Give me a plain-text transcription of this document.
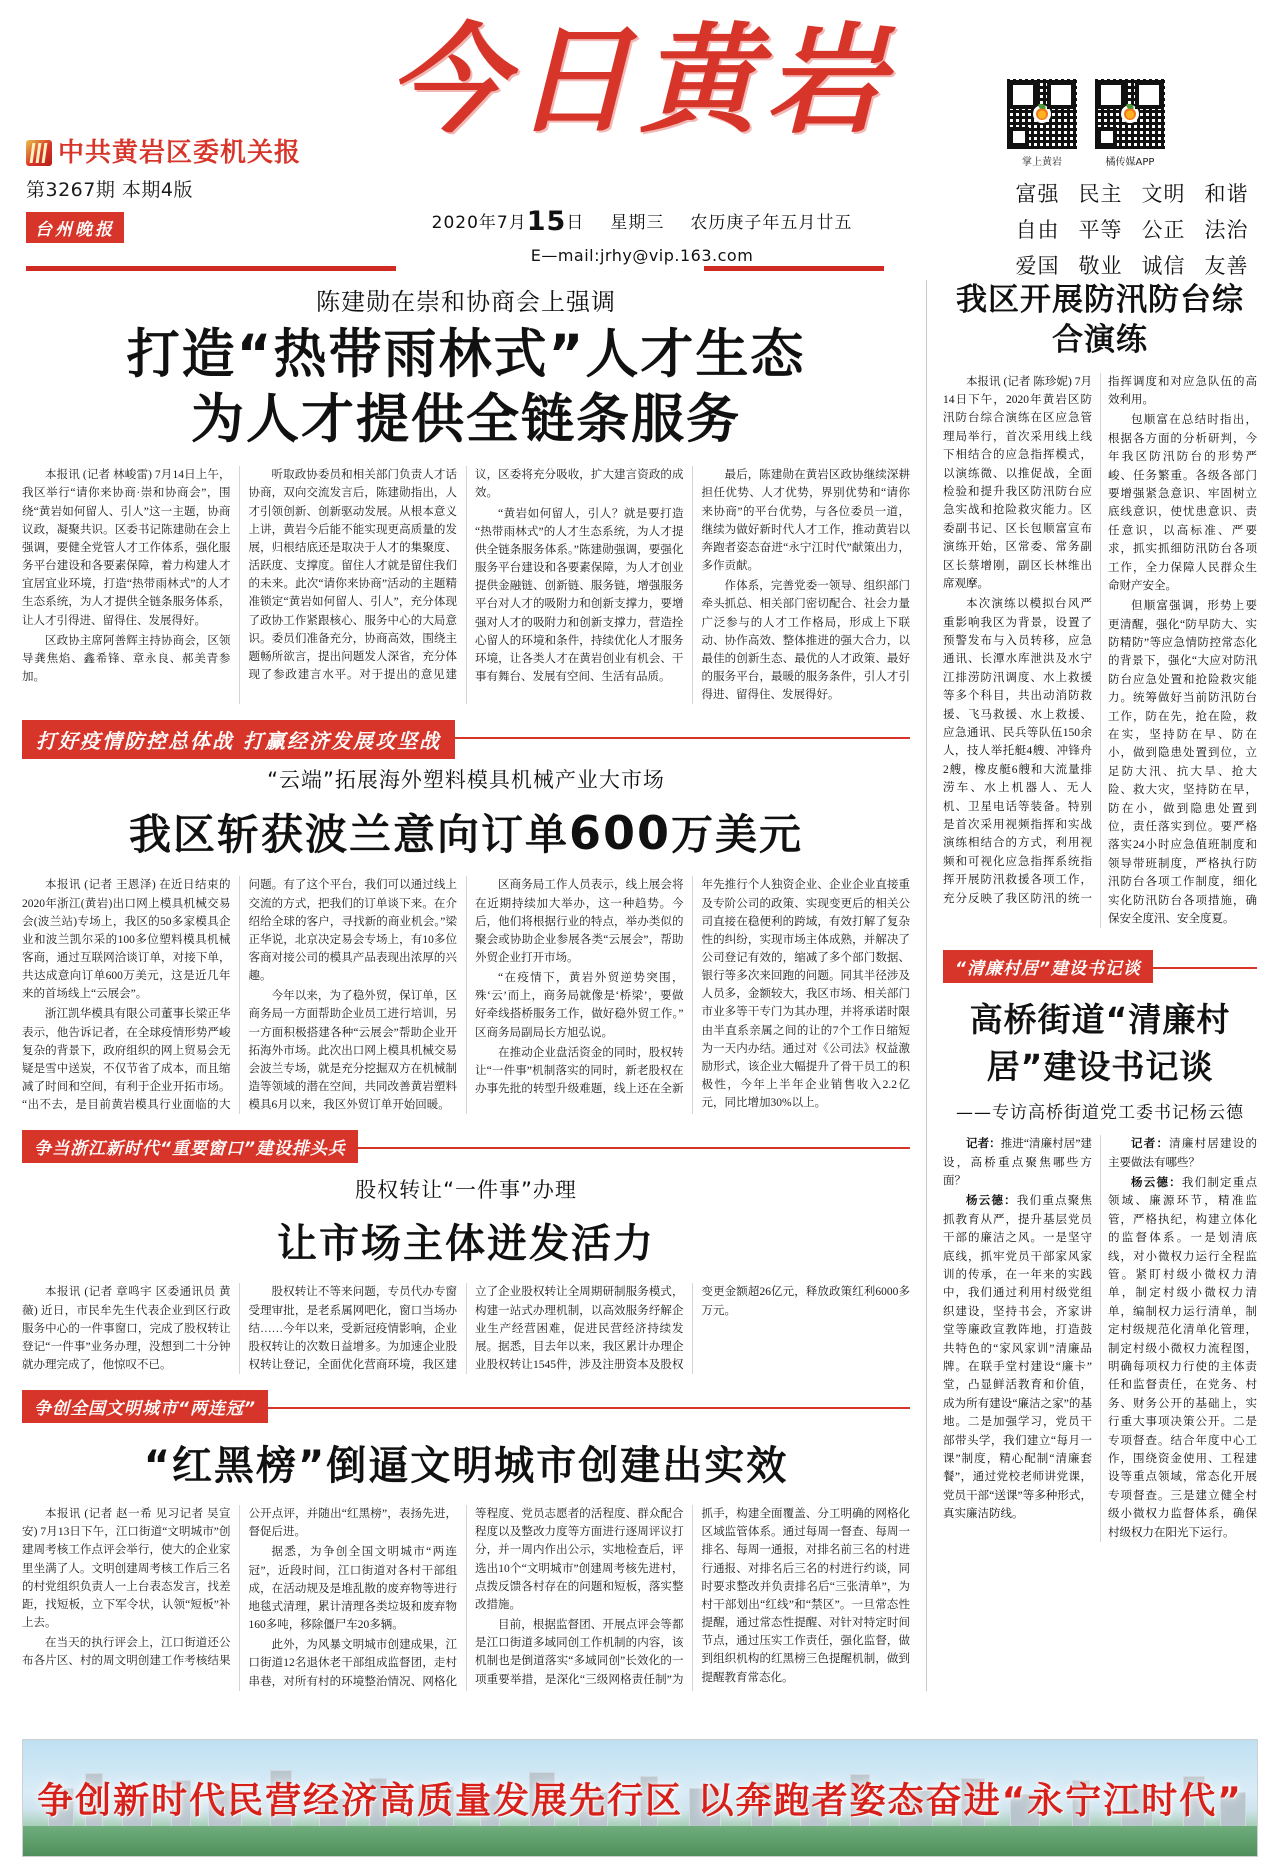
中共黄岩区委机关报
第3267期 本期4版
台州晚报
今日黄岩
2020年7月15日 星期三 农历庚子年五月廿五
E—mail:jrhy@vip.163.com
掌上黄岩	橘传媒APP
富强 民主 文明 和谐
自由 平等 公正 法治
爱国 敬业 诚信 友善
陈建勋在崇和协商会上强调
打造“热带雨林式”人才生态
为人才提供全链条服务

本报讯 (记者 林峻雷) 7月14日上午，我区举行“请你来协商·崇和协商会”，围绕“黄岩如何留人、引人”这一主题，协商议政，凝聚共识。区委书记陈建勋在会上强调，要健全党管人才工作体系，强化服务平台建设和各要素保障，着力构建人才宜居宜业环境，打造“热带雨林式”的人才生态系统，为人才提供全链条服务体系，让人才引得进、留得住、发展得好。

区政协主席阿善辉主持协商会，区领导龚焦焰、鑫希锋、章永良、郝美青参加。

听取政协委员和相关部门负责人才话协商，双向交流发言后，陈建勋指出，人才引领创新、创新驱动发展。从根本意义上讲，黄岩今后能不能实现更高质量的发展，归根结底还是取决于人才的集聚度、活跃度、支撑度。留住人才就是留住我们的未来。此次“请你来协商”活动的主题精准锁定“黄岩如何留人、引人”，充分体现了政协工作紧跟核心、服务中心的大局意识。委员们准备充分，协商高效，围绕主题畅所欲言，提出问题发人深省，充分体现了参政建言水平。对于提出的意见建议，区委将充分吸收，扩大建言资政的成效。

“黄岩如何留人，引人？就是要打造“热带雨林式”的人才生态系统，为人才提供全链条服务体系。”陈建勋强调，要强化服务平台建设和各要素保障，为人才创业提供金融链、创新链、服务链，增强服务平台对人才的吸附力和创新支撑力，要增强对人才的吸附力和创新支撑力，营造拴心留人的环境和条件，持续优化人才服务环境，让各类人才在黄岩创业有机会、干事有舞台、发展有空间、生活有品质。

最后，陈建勋在黄岩区政协继续深耕担任优势、人才优势，界别优势和“请你来协商”的平台优势，与各位委员一道，继续为做好新时代人才工作，推动黄岩以奔跑者姿态奋进“永宁江时代”献策出力，多作贡献。

作体系，完善党委一领导、组织部门牵头抓总、相关部门密切配合、社会力量广泛参与的人才工作格局，形成上下联动、协作高效、整体推进的强大合力，以最佳的创新生态、最优的人才政策、最好的服务平台，最暖的服务条件，引人才引得进、留得住、发展得好。

打好疫情防控总体战 打赢经济发展攻坚战
“云端”拓展海外塑料模具机械产业大市场
我区斩获波兰意向订单600万美元

本报讯 (记者 王恩泽) 在近日结束的2020年浙江(黄岩)出口网上模具机械交易会(波兰站)专场上，我区的50多家模具企业和波兰凯尔采的100多位塑料模具机械客商，通过互联网洽谈订单，对接下单，共达成意向订单600万美元，这是近几年来的首场线上“云展会”。

浙江凯华模具有限公司董事长梁正华表示，他告诉记者，在全球疫情形势严峻复杂的背景下，政府组织的网上贸易会无疑是雪中送炭，不仅节省了成本，而且缩减了时间和空间，有利于企业开拓市场。“出不去，是目前黄岩模具行业面临的大问题。有了这个平台，我们可以通过线上交流的方式，把我们的订单谈下来。在介绍给全球的客户，寻找新的商业机会。”梁正华说，北京决定易会专场上，有10多位客商对接公司的模具产品表现出浓厚的兴趣。

今年以来，为了稳外贸，保订单，区商务局一方面帮助企业员工进行培训，另一方面积极搭建各种“云展会”帮助企业开拓海外市场。此次出口网上模具机械交易会波兰专场，就是充分挖掘双方在机械制造等领域的潜在空间，共同改善黄岩塑料模具6月以来，我区外贸订单开始回暖。

区商务局工作人员表示，线上展会将在近期持续加大举办，这一种趋势。今后，他们将根据行业的特点，举办类似的聚会或协助企业参展各类“云展会”，帮助外贸企业打开市场。

“在疫情下，黄岩外贸逆势突围，殊‘云’而上，商务局就像是‘桥梁’，要做好牵线搭桥服务工作，做好稳外贸工作。”区商务局副局长方旭弘说。

在推动企业盘活资金的同时，股权转让“一件事”机制落实的同时，新老股权在办事先批的转型升级难题，线上还在全新年先推行个人独资企业、企业企业直接重及专阶公司的政策、实现变更后的相关公司直接在稳便利的跨域，有效打解了复杂性的纠纷，实现市场主体成熟，并解决了公司登记有效的，缩减了多个部门数据、银行等多次来回跑的问题。同其半径涉及人员多，金额较大，我区市场、相关部门市业多等干专门为其办理，并将承诺时限由半直系亲属之间的让的7个工作日缩短为一天内办结。通过对《公司法》权益激励形式，该企业大幅提升了骨干员工的积极性，今年上半年企业销售收入2.2亿元，同比增加30%以上。

争当浙江新时代“重要窗口”建设排头兵
股权转让“一件事”办理
让市场主体迸发活力

本报讯 (记者 章鸣宇 区委通讯员 黄薇) 近日，市民牟先生代表企业到区行政服务中心的一件事窗口，完成了股权转让登记“一件事”业务办理，没想到二十分钟就办理完成了，他惊叹不已。

股权转让不等来问题，专员代办专窗受理审批，是老系属网吧化，窗口当场办结……今年以来，受新冠疫情影响，企业股权转让的次数日益增多。为加速企业股权转让登记，全面优化营商环境，我区建立了企业股权转让全周期研制服务模式，构建一站式办理机制，以高效服务纾解企业生产经营困难，促进民营经济持续发展。据悉，目去年以来，我区累计办理企业股权转让1545件，涉及注册资本及股权变更金额超26亿元，释放政策红利6000多万元。

争创全国文明城市“两连冠”
“红黑榜”倒逼文明城市创建出实效

本报讯 (记者 赵一希 见习记者 吴宣安) 7月13日下午，江口街道“文明城市”创建周考核工作点评会举行，使大的企业家里坐满了人。文明创建周考核工作后三名的村党组织负责人一上台表态发言，找差距，找短板，立下军令状，认领“短板”补上去。

在当天的执行评会上，江口街道还公布各片区、村的周文明创建工作考核结果公开点评，并随出“红黑榜”，表扬先进，督促后进。

据悉，为争创全国文明城市“两连冠”，近段时间，江口街道对各村干部组成，在活动规及是堆乱散的废弃物等进行地毯式清理，累计清理各类垃圾和废弃物160多吨，移除僵尸车20多辆。

此外，为风暴文明城市创建成果，江口街道12名退休老干部组成监督团，走村串巷，对所有村的环境整治情况、网格化等程度、党员志愿者的活程度、群众配合程度以及整改力度等方面进行逐周评议打分，并一周内作出公示，实地检查后，评选出10个“文明城市”创建周考核先进村，点拨反馈各村存在的问题和短板，落实整改措施。

目前，根据监督团、开展点评会等都是江口街道多域同创工作机制的内容，该机制也是倒道落实“多域同创”长效化的一项重要举措，是深化“三级网格责任制”为抓手，构建全面覆盖、分工明确的网格化区域监管体系。通过每周一督查、每周一排名、每周一通报，对排名前三名的村进行通报、对排名后三名的村进行约谈，同时要求整改并负责排名后“三张清单”，为村干部划出“红线”和“禁区”。一旦常态性提醒，通过常态性提醒、对针对特定时间节点，通过压实工作责任，强化监督，做到组织机构的红黑榜三色提醒机制，做到提醒教育常态化。

我区开展防汛防台综合演练

本报讯 (记者 陈珍妮) 7月14日下午，2020年黄岩区防汛防台综合演练在区应急管理局举行，首次采用线上线下相结合的应急指挥模式，以演练微、以推促战，全面检验和提升我区防汛防台应急实战和抢险救灾能力。区委副书记、区长包顺富宣布演练开始，区常委、常务副区长蔡增刚，副区长林维出席观摩。

本次演练以模拟台风严重影响我区为背景，设置了预警发布与入员转移，应急通讯、长潭水库泄洪及水宁江排涝防汛调度、水上救援等多个科目，共出动消防救援、飞马救援、水上救援、应急通讯、民兵等队伍150余人，技人举托艇4艘、冲锋舟2艘，橡皮艇6艘和大流量排涝车、水上机器人、无人机、卫星电话等装备。特别是首次采用视频指挥和实战演练相结合的方式，利用视频和可视化应急指挥系统指挥开展防汛救援各项工作，充分反映了我区防汛的统一指挥调度和对应急队伍的高效利用。

包顺富在总结时指出，根据各方面的分析研判，今年我区防汛防台的形势严峻、任务繁重。各级各部门要增强紧急意识、牢固树立底线意识，使忧患意识、责任意识，以高标准、严要求，抓实抓细防汛防台各项工作，全力保障人民群众生命财产安全。

但顺富强调，形势上要更清醒，强化“防早防大、实防精防”等应急情防控常态化的背景下，强化“大应对防汛防台应急处置和抢险救灾能力。统筹做好当前防汛防台工作，防在先，抢在险，救在实，坚持防在早、防在小，做到隐患处置到位，立足防大汛、抗大旱、抢大险、救大灾，坚持防在早，防在小，做到隐患处置到位，责任落实到位。要严格落实24小时应急值班制度和领导带班制度，严格执行防汛防台各项工作制度，细化实化防汛防台各项措施，确保安全度汛、安全度夏。

“清廉村居”建设书记谈
高桥街道“清廉村居”建设书记谈
——专访高桥街道党工委书记杨云德

记者：推进“清廉村居”建设，高桥重点聚焦哪些方面？

杨云德：我们重点聚焦抓教育从严，提升基层党员干部的廉洁之风。一是坚守底线，抓牢党员干部家风家训的传承，在一年来的实践中，我们通过利用村级党组织建设，坚持书会，齐家讲堂等廉政宣教阵地，打造鼓共特色的“家风家训”清廉品牌。在联手堂村建设“廉卡”堂，凸显鲜活教育和价值，成为所有建设“廉洁之家”的基地。二是加强学习，党员干部带头学，我们建立“每月一课”制度，精心配制“清廉套餐”，通过党校老师讲党课，党员干部“送课”等多种形式，真实廉洁防线。

记者：清廉村居建设的主要做法有哪些？

杨云德：我们制定重点领域、廉源环节，精准监管，严格执纪，构建立体化的监督体系。一是划清底线，对小微权力运行全程监管。紧盯村级小微权力清单，制定村级小微权力清单，编制权力运行清单，制定村级规范化清单化管理，制定村级小微权力流程图，明确每项权力行使的主体责任和监督责任，在党务、村务、财务公开的基础上，实行重大事项决策公开。二是专项督查。结合年度中心工作，围绕资金使用、工程建设等重点领域，常态化开展专项督查。三是建立健全村级小微权力监督体系，确保村级权力在阳光下运行。

争创新时代民营经济高质量发展先行区 以奔跑者姿态奋进“永宁江时代”
